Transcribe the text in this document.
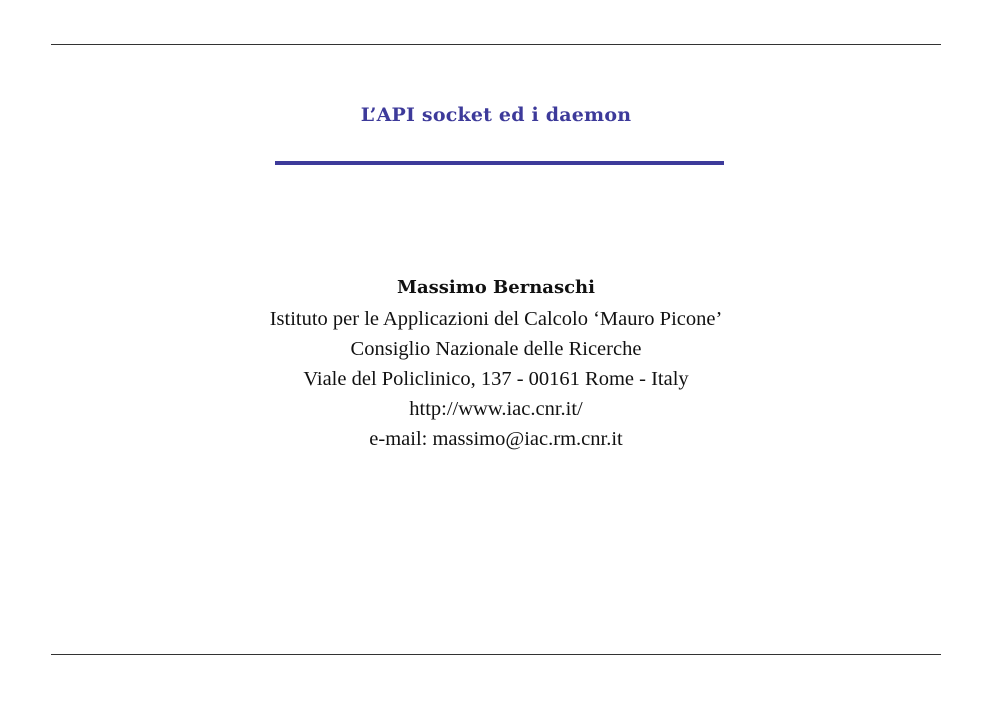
L’API socket ed i daemon
Massimo Bernaschi
Istituto per le Applicazioni del Calcolo ‘Mauro Picone’
Consiglio Nazionale delle Ricerche
Viale del Policlinico, 137 - 00161 Rome - Italy
http://www.iac.cnr.it/
e-mail: massimo@iac.rm.cnr.it
